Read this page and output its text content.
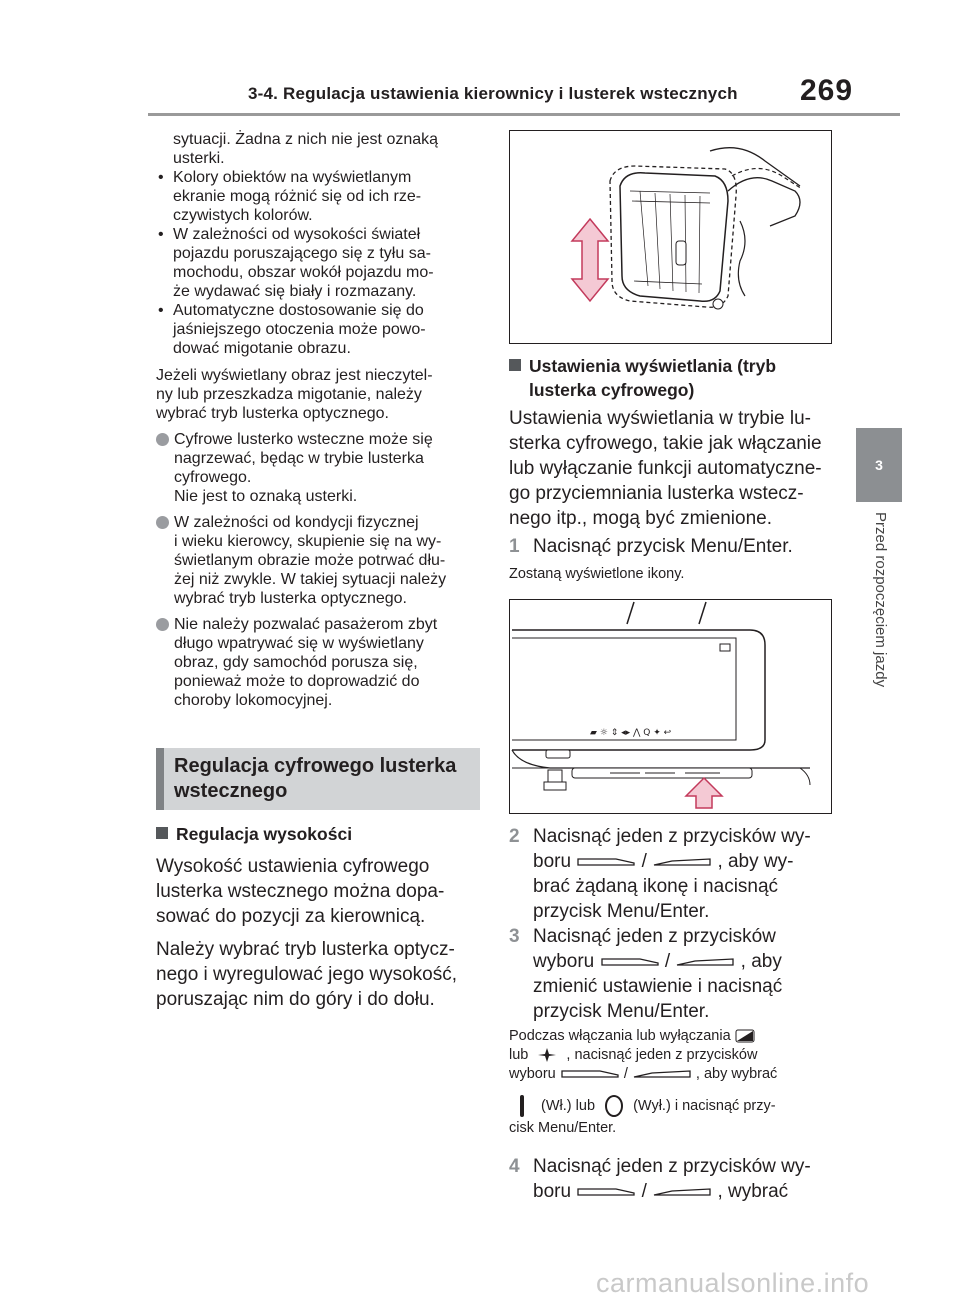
3-4. Regulacja ustawienia kierownicy i lusterek wstecznych 269
3
Przed rozpoczęciem jazdy
sytuacji. Żadna z nich nie jest oznaką
usterki.
• Kolory obiektów na wyświetlanym
ekranie mogą różnić się od ich rze-
czywistych kolorów.
• W zależności od wysokości świateł
pojazdu poruszającego się z tyłu sa-
mochodu, obszar wokół pojazdu mo-
że wydawać się biały i rozmazany.
• Automatyczne dostosowanie się do
jaśniejszego otoczenia może powo-
dować migotanie obrazu.
Jeżeli wyświetlany obraz jest nieczytel-
ny lub przeszkadza migotanie, należy
wybrać tryb lusterka optycznego.
Cyfrowe lusterko wsteczne może się
nagrzewać, będąc w trybie lusterka
cyfrowego.
Nie jest to oznaką usterki.
W zależności od kondycji fizycznej
i wieku kierowcy, skupienie się na wy-
świetlanym obrazie może potrwać dłu-
żej niż zwykle. W takiej sytuacji należy
wybrać tryb lusterka optycznego.
Nie należy pozwalać pasażerom zbyt
długo wpatrywać się w wyświetlany
obraz, gdy samochód porusza się,
ponieważ może to doprowadzić do
choroby lokomocyjnej.
Regulacja cyfrowego lusterka
wstecznego
Regulacja wysokości
Wysokość ustawienia cyfrowego
lusterka wstecznego można dopa-
sować do pozycji za kierownicą.
Należy wybrać tryb lusterka optycz-
nego i wyregulować jego wysokość,
poruszając nim do góry i do dołu.
Ustawienia wyświetlania (tryb
lusterka cyfrowego)
Ustawienia wyświetlania w trybie lu-
sterka cyfrowego, takie jak włączanie
lub wyłączanie funkcji automatyczne-
go przyciemniania lusterka wstecz-
nego itp., mogą być zmienione.
1 Nacisnąć przycisk Menu/Enter.
Zostaną wyświetlone ikony.
▰ ☼ ⇕ ◂▸ ⋀ Q ✦ ↩
2 Nacisnąć jeden z przycisków wy-
boru	/	, aby wy-
brać żądaną ikonę i nacisnąć
przycisk Menu/Enter.
3 Nacisnąć jeden z przycisków
wyboru	/	, aby
zmienić ustawienie i nacisnąć
przycisk Menu/Enter.
Podczas włączania lub wyłączania
lub	, nacisnąć jeden z przycisków
wyboru	/	, aby wybrać
(Wł.) lub	(Wył.) i nacisnąć przy-
cisk Menu/Enter.
4 Nacisnąć jeden z przycisków wy-
boru	/	, wybrać
carmanualsonline.info
